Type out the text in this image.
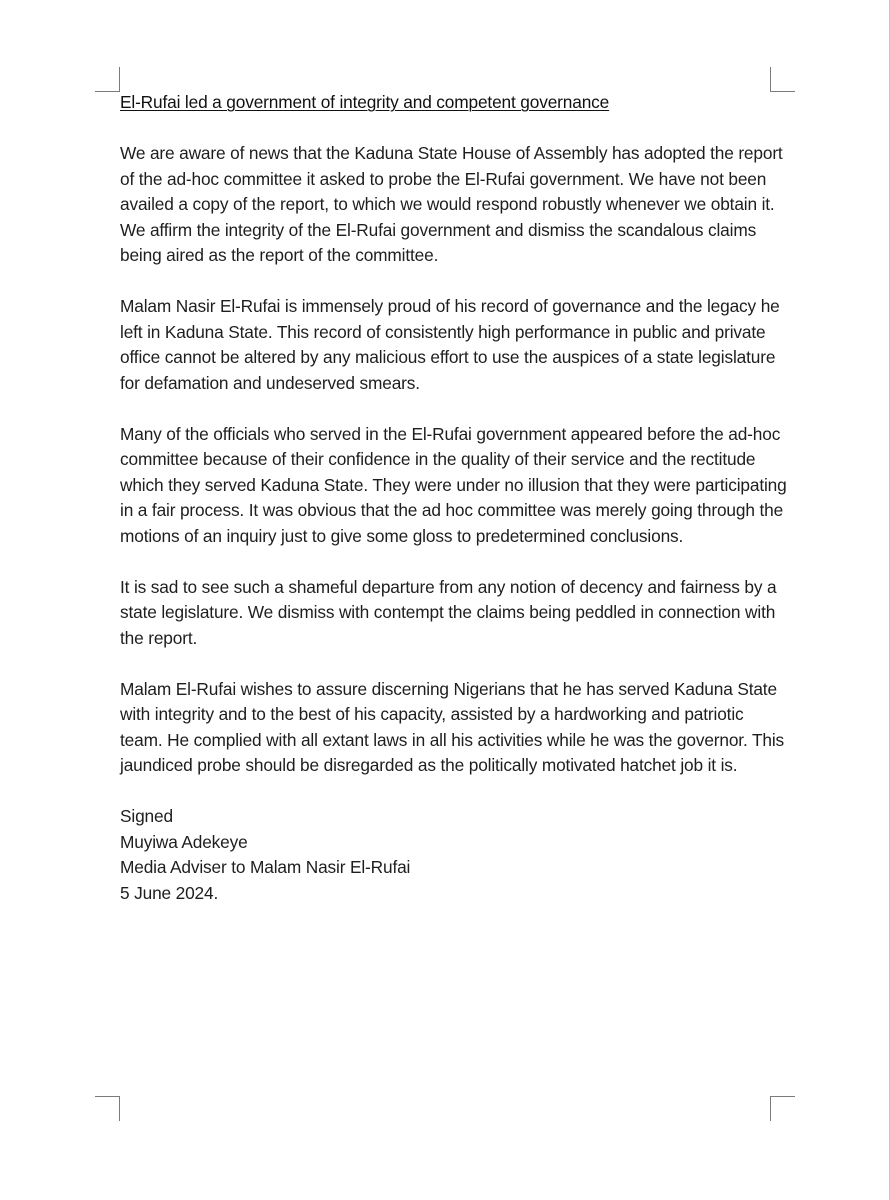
El-Rufai led a government of integrity and competent governance

We are aware of news that the Kaduna State House of Assembly has adopted the report of the ad-hoc committee it asked to probe the El-Rufai government. We have not been availed a copy of the report, to which we would respond robustly whenever we obtain it. We affirm the integrity of the El-Rufai government and dismiss the scandalous claims being aired as the report of the committee.

Malam Nasir El-Rufai is immensely proud of his record of governance and the legacy he left in Kaduna State. This record of consistently high performance in public and private office cannot be altered by any malicious effort to use the auspices of a state legislature for defamation and undeserved smears.

Many of the officials who served in the El-Rufai government appeared before the ad-hoc committee because of their confidence in the quality of their service and the rectitude which they served Kaduna State. They were under no illusion that they were participating in a fair process. It was obvious that the ad hoc committee was merely going through the motions of an inquiry just to give some gloss to predetermined conclusions.

It is sad to see such a shameful departure from any notion of decency and fairness by a state legislature. We dismiss with contempt the claims being peddled in connection with the report.

Malam El-Rufai wishes to assure discerning Nigerians that he has served Kaduna State with integrity and to the best of his capacity, assisted by a hardworking and patriotic team. He complied with all extant laws in all his activities while he was the governor. This jaundiced probe should be disregarded as the politically motivated hatchet job it is.

Signed
Muyiwa Adekeye
Media Adviser to Malam Nasir El-Rufai
5 June 2024.
